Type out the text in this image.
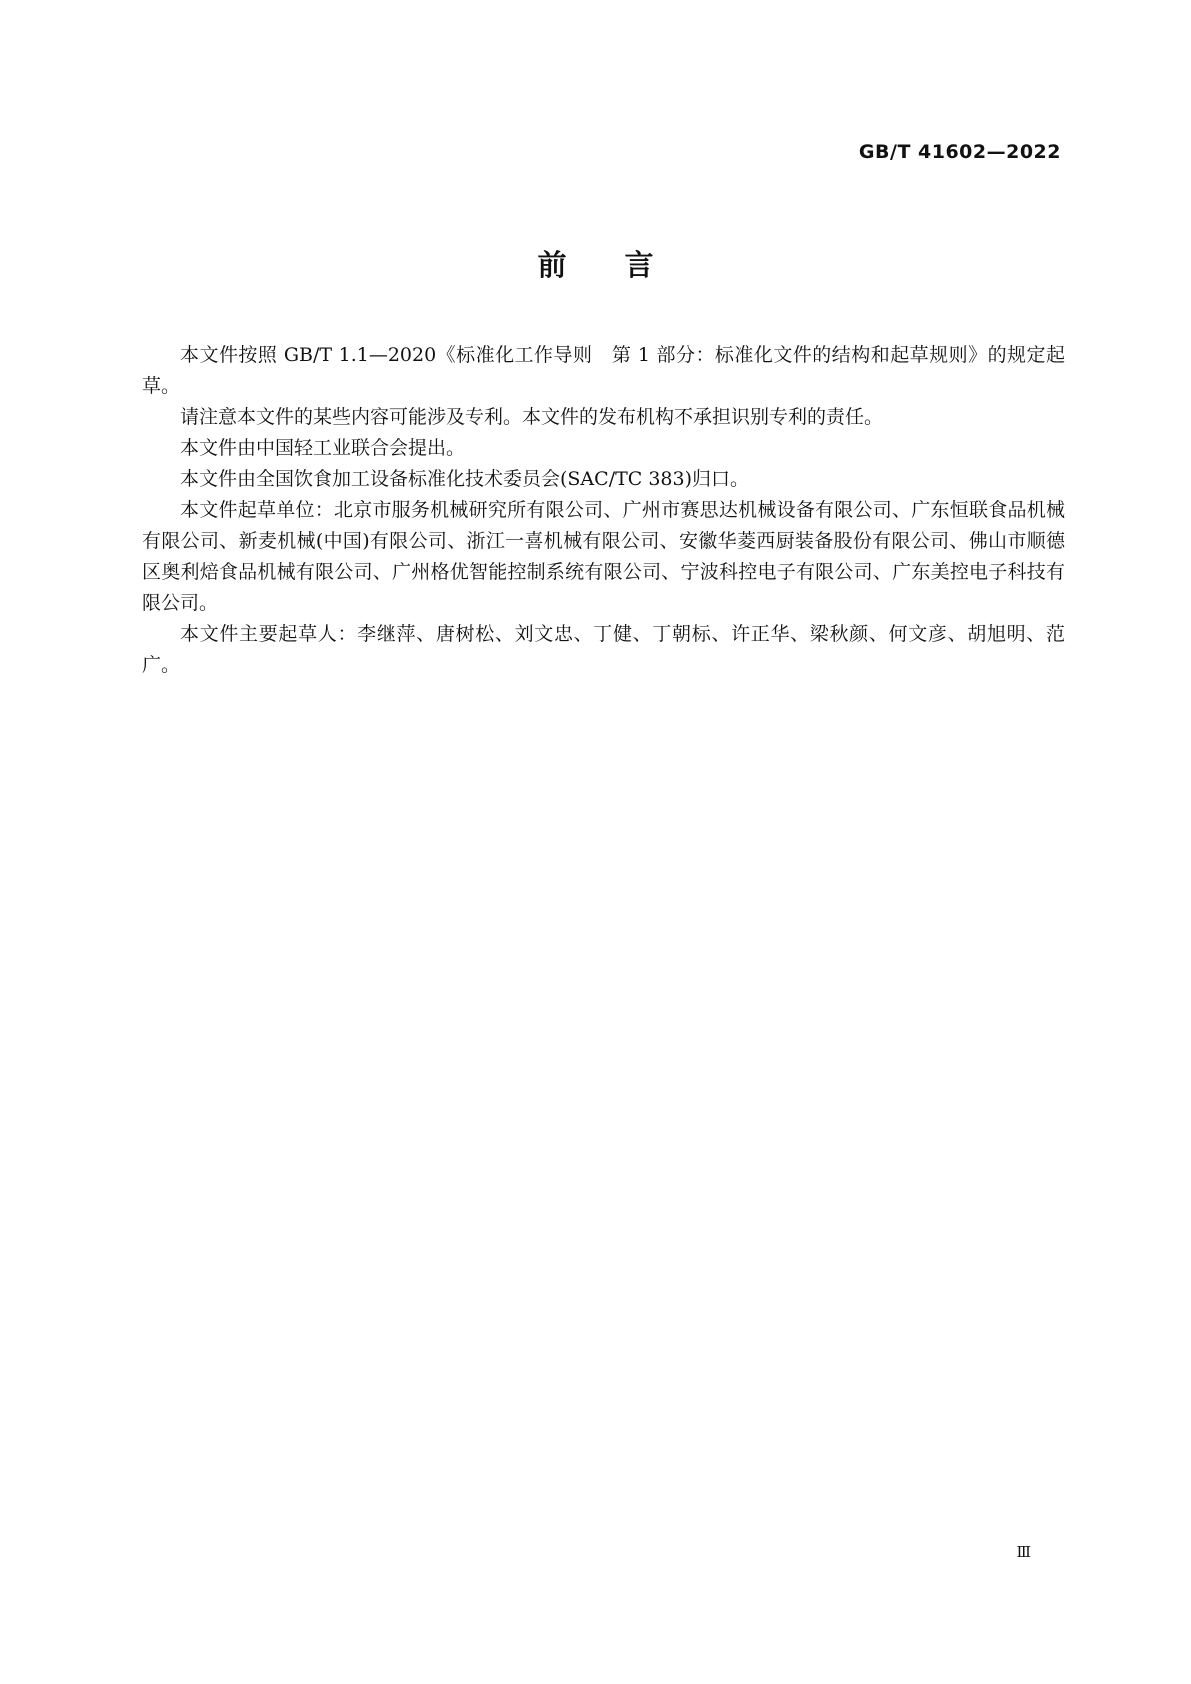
GB/T 41602—2022
前言

本文件按照 GB/T 1.1—2020《标准化工作导则　第 1 部分：标准化文件的结构和起草规则》的规定起草。

请注意本文件的某些内容可能涉及专利。本文件的发布机构不承担识别专利的责任。

本文件由中国轻工业联合会提出。

本文件由全国饮食加工设备标准化技术委员会(SAC/TC 383)归口。

本文件起草单位：北京市服务机械研究所有限公司、广州市赛思达机械设备有限公司、广东恒联食品机械有限公司、新麦机械(中国)有限公司、浙江一喜机械有限公司、安徽华菱西厨装备股份有限公司、佛山市顺德区奥利焙食品机械有限公司、广州格优智能控制系统有限公司、宁波科控电子有限公司、广东美控电子科技有限公司。

本文件主要起草人：李继萍、唐树松、刘文忠、丁健、丁朝标、许正华、梁秋颜、何文彦、胡旭明、范广。

Ⅲ
